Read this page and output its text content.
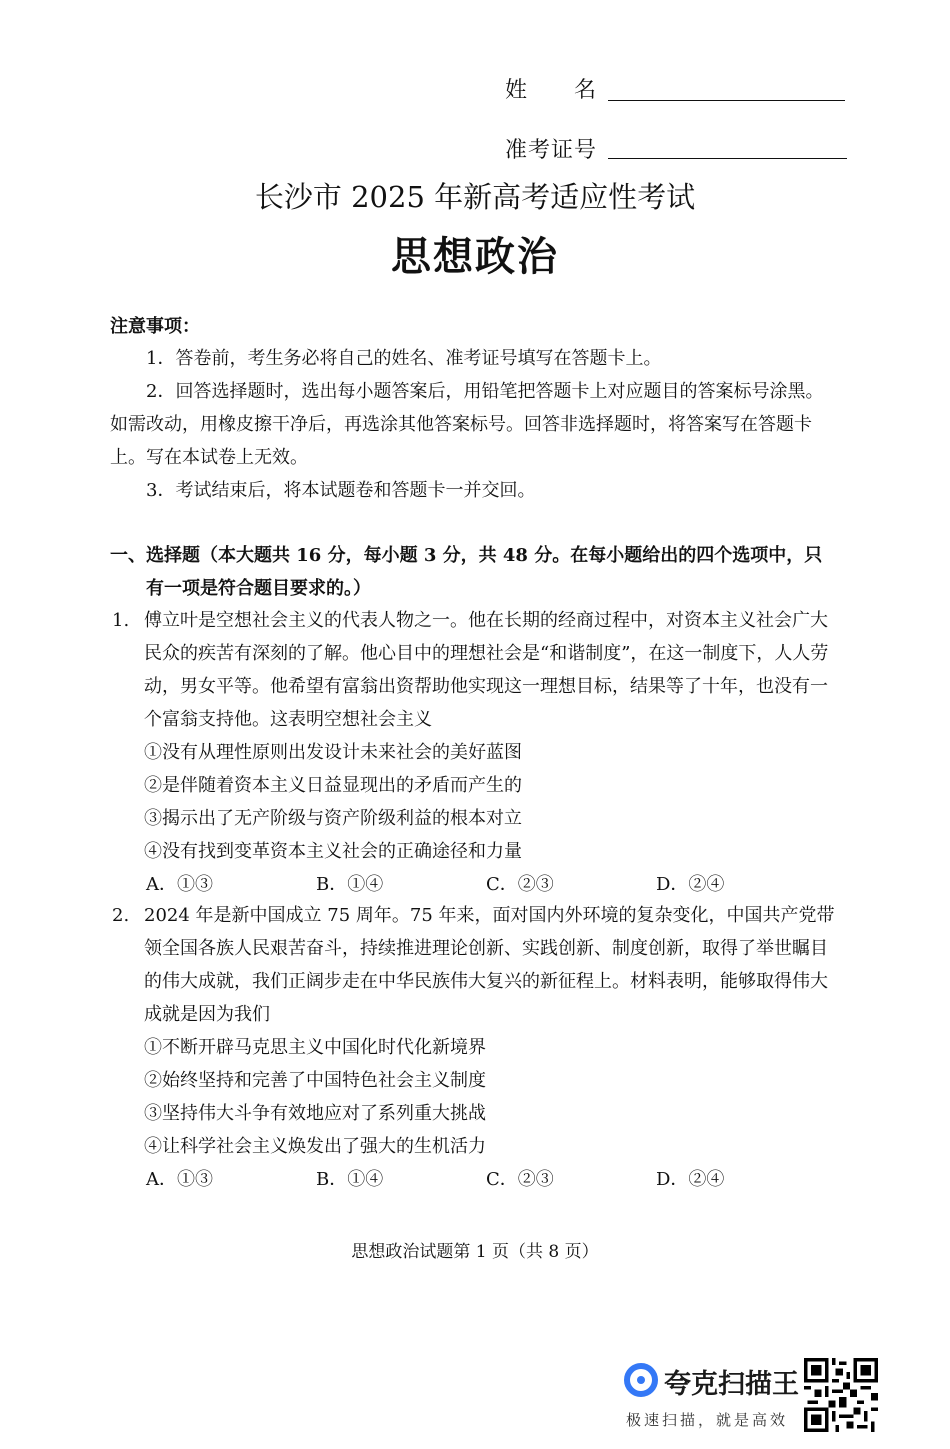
姓　　名
准考证号
长沙市 2025 年新高考适应性考试
思想政治
注意事项：
1．答卷前，考生务必将自己的姓名、准考证号填写在答题卡上。
2．回答选择题时，选出每小题答案后，用铅笔把答题卡上对应题目的答案标号涂黑。如需改动，用橡皮擦干净后，再选涂其他答案标号。回答非选择题时，将答案写在答题卡上。写在本试卷上无效。
3．考试结束后，将本试题卷和答题卡一并交回。
一、选择题（本大题共 16 分，每小题 3 分，共 48 分。在每小题给出的四个选项中，只
有一项是符合题目要求的。）
1. 傅立叶是空想社会主义的代表人物之一。他在长期的经商过程中，对资本主义社会广大民众的疾苦有深刻的了解。他心目中的理想社会是“和谐制度”，在这一制度下，人人劳动，男女平等。他希望有富翁出资帮助他实现这一理想目标，结果等了十年，也没有一个富翁支持他。这表明空想社会主义
①没有从理性原则出发设计未来社会的美好蓝图
②是伴随着资本主义日益显现出的矛盾而产生的
③揭示出了无产阶级与资产阶级利益的根本对立
④没有找到变革资本主义社会的正确途径和力量
A．①③	B．①④	C．②③	D．②④
2. 2024 年是新中国成立 75 周年。75 年来，面对国内外环境的复杂变化，中国共产党带领全国各族人民艰苦奋斗，持续推进理论创新、实践创新、制度创新，取得了举世瞩目的伟大成就，我们正阔步走在中华民族伟大复兴的新征程上。材料表明，能够取得伟大成就是因为我们
①不断开辟马克思主义中国化时代化新境界
②始终坚持和完善了中国特色社会主义制度
③坚持伟大斗争有效地应对了系列重大挑战
④让科学社会主义焕发出了强大的生机活力
A．①③	B．①④	C．②③	D．②④
思想政治试题第 1 页（共 8 页）
夸克扫描王
极速扫描，就是高效
